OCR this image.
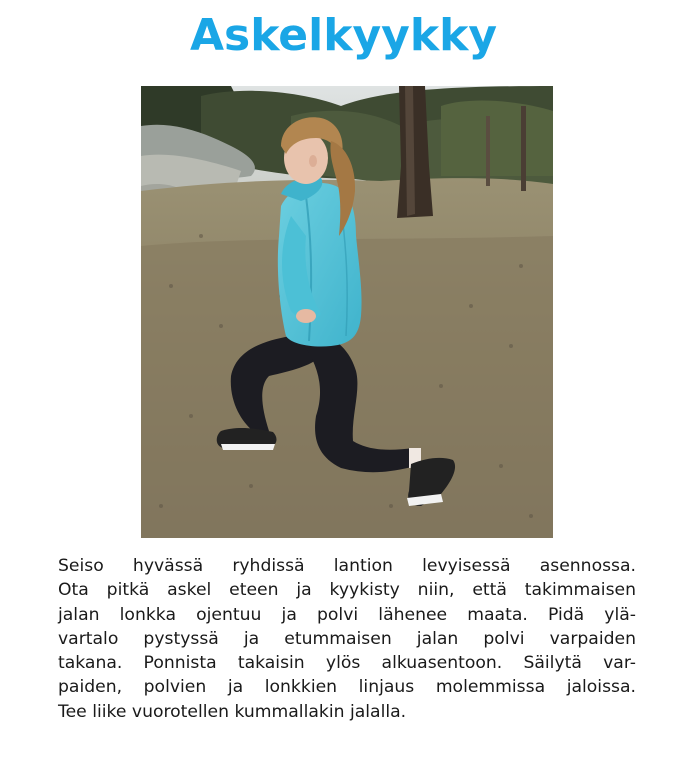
Askelkyykky
Seiso hyvässä ryhdissä lantion levyisessä asennossa.
Ota pitkä askel eteen ja kyykisty niin, että takimmaisen
jalan lonkka ojentuu ja polvi lähenee maata. Pidä ylä-
vartalo pystyssä ja etummaisen jalan polvi varpaiden
takana. Ponnista takaisin ylös alkuasentoon. Säilytä var-
paiden, polvien ja lonkkien linjaus molemmissa jaloissa.
Tee liike vuorotellen kummallakin jalalla.
